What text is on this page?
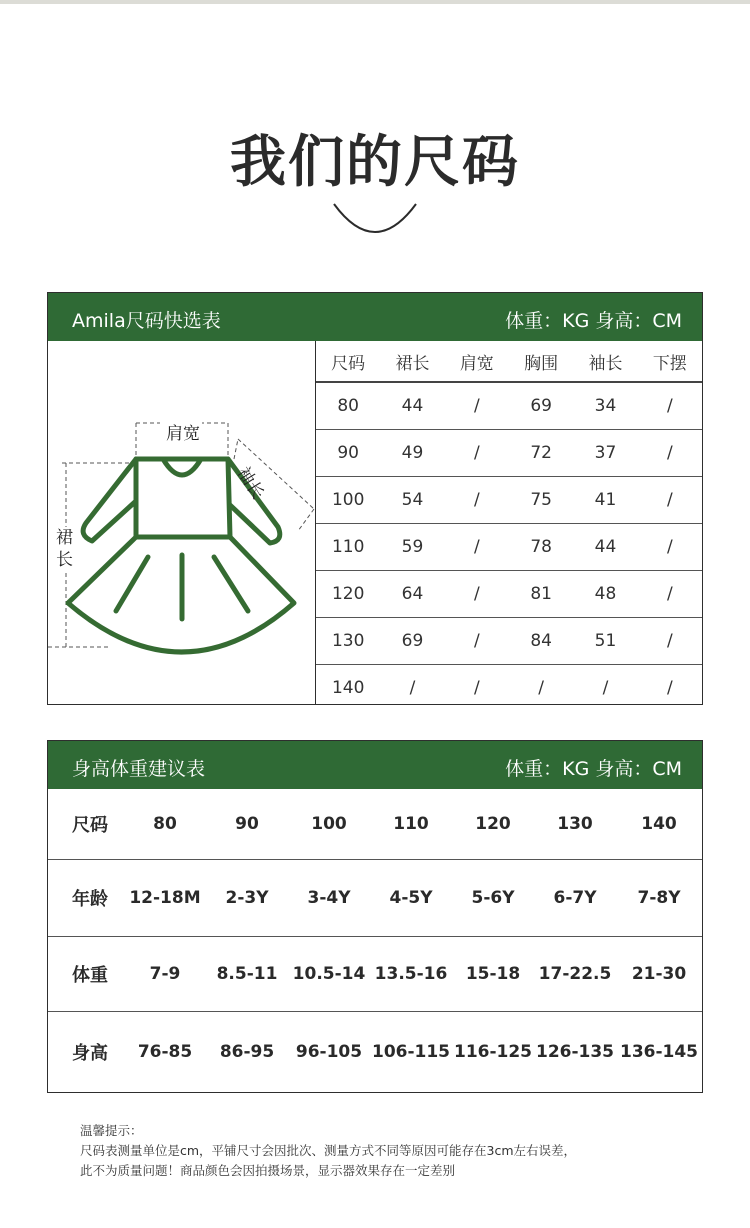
我们的尺码
Amila尺码快选表	体重：KG 身高：CM
肩宽
裙长
袖长
尺码	裙长	肩宽	胸围	袖长	下摆
80	44	/	69	34	/
90	49	/	72	37	/
100	54	/	75	41	/
110	59	/	78	44	/
120	64	/	81	48	/
130	69	/	84	51	/
140	/	/	/	/	/
身高体重建议表	体重：KG 身高：CM
尺码	80	90	100	110	120	130	140
年龄	12-18M	2-3Y	3-4Y	4-5Y	5-6Y	6-7Y	7-8Y
体重	7-9	8.5-11	10.5-14	13.5-16	15-18	17-22.5	21-30
身高	76-85	86-95	96-105	106-115	116-125	126-135	136-145
温馨提示：
尺码表测量单位是cm，平铺尺寸会因批次、测量方式不同等原因可能存在3cm左右误差，
此不为质量问题！商品颜色会因拍摄场景，显示器效果存在一定差别
